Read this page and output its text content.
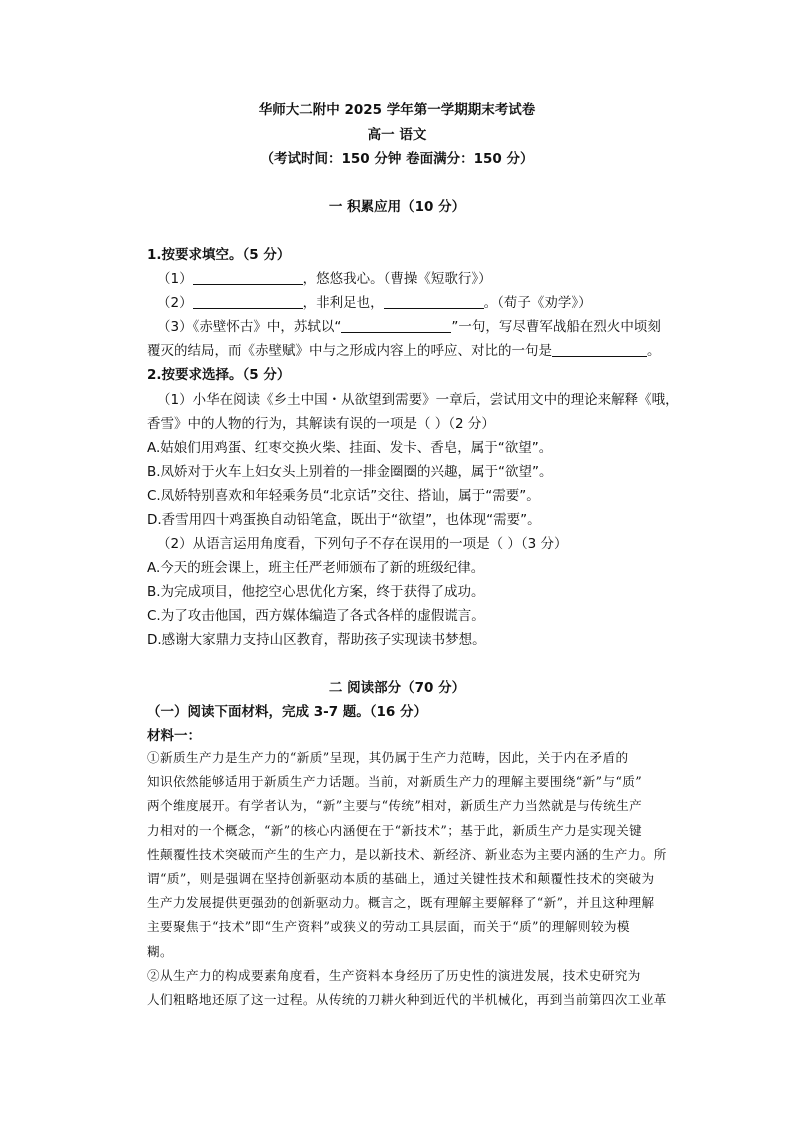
华师大二附中 2025 学年第一学期期末考试卷
高一 语文
（考试时间：150 分钟 卷面满分：150 分）
一 积累应用（10 分）
1.按要求填空。（5 分）
（1）	，悠悠我心。（曹操《短歌行》）
（2）	，非利足也，	。（荀子《劝学》）
（3）《赤壁怀古》中，苏轼以“	”一句，写尽曹军战船在烈火中顷刻
覆灭的结局，而《赤壁赋》中与之形成内容上的呼应、对比的一句是	。
2.按要求选择。（5 分）
（1）小华在阅读《乡土中国・从欲望到需要》一章后，尝试用文中的理论来解释《哦，
香雪》中的人物的行为，其解读有误的一项是（ ）（2 分）
A.姑娘们用鸡蛋、红枣交换火柴、挂面、发卡、香皂，属于“欲望”。
B.凤娇对于火车上妇女头上别着的一排金圈圈的兴趣，属于“欲望”。
C.凤娇特别喜欢和年轻乘务员“北京话”交往、搭讪，属于“需要”。
D.香雪用四十鸡蛋换自动铅笔盒，既出于“欲望”，也体现“需要”。
（2）从语言运用角度看，下列句子不存在误用的一项是（ ）（3 分）
A.今天的班会课上，班主任严老师颁布了新的班级纪律。
B.为完成项目，他挖空心思优化方案，终于获得了成功。
C.为了攻击他国，西方媒体编造了各式各样的虚假谎言。
D.感谢大家鼎力支持山区教育，帮助孩子实现读书梦想。
二 阅读部分（70 分）
（一）阅读下面材料，完成 3-7 题。（16 分）
材料一：
①新质生产力是生产力的“新质”呈现，其仍属于生产力范畴，因此，关于内在矛盾的
知识依然能够适用于新质生产力话题。当前，对新质生产力的理解主要围绕“新”与“质”
两个维度展开。有学者认为，“新”主要与“传统”相对，新质生产力当然就是与传统生产
力相对的一个概念，“新”的核心内涵便在于“新技术”；基于此，新质生产力是实现关键
性颠覆性技术突破而产生的生产力，是以新技术、新经济、新业态为主要内涵的生产力。所
谓“质”，则是强调在坚持创新驱动本质的基础上，通过关键性技术和颠覆性技术的突破为
生产力发展提供更强劲的创新驱动力。概言之，既有理解主要解释了“新”，并且这种理解
主要聚焦于“技术”即“生产资料”或狭义的劳动工具层面，而关于“质”的理解则较为模
糊。
②从生产力的构成要素角度看，生产资料本身经历了历史性的演进发展，技术史研究为
人们粗略地还原了这一过程。从传统的刀耕火种到近代的半机械化，再到当前第四次工业革
